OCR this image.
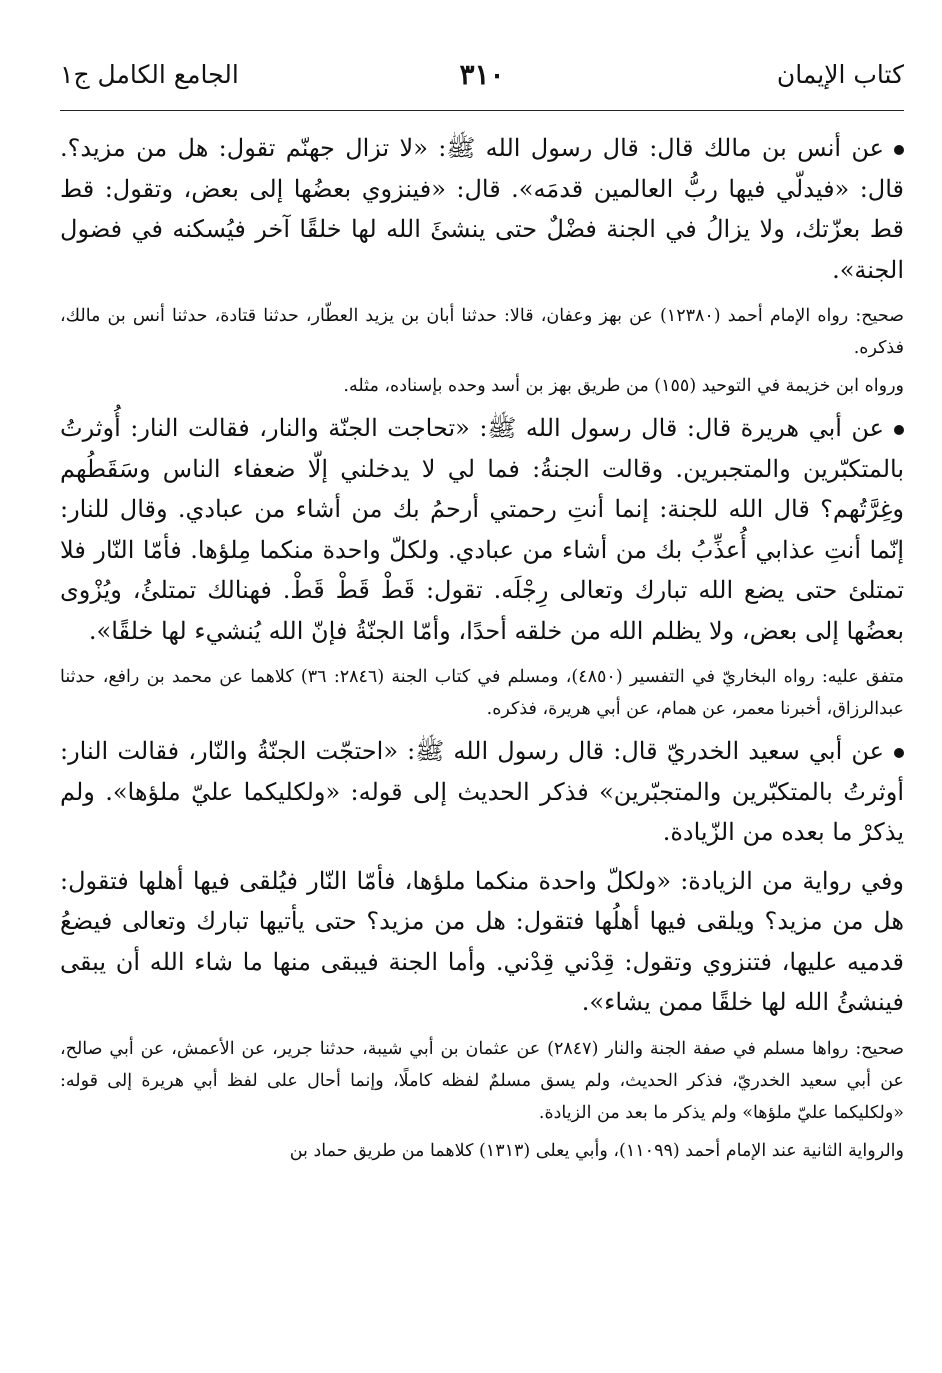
كتاب الإيمان
٣١٠
الجامع الكامل ج١

عن أنس بن مالك قال: قال رسول الله ﷺ: «لا تزال جهنّم تقول: هل من مزيد؟. قال: «فيدلّي فيها ربُّ العالمين قدمَه». قال: «فينزوي بعضُها إلى بعض، وتقول: قط قط بعزّتك، ولا يزالُ في الجنة فضْلٌ حتى ينشئَ الله لها خلقًا آخر فيُسكنه في فضول الجنة».

صحيح: رواه الإمام أحمد (١٢٣٨٠) عن بهز وعفان، قالا: حدثنا أبان بن يزيد العطّار، حدثنا قتادة، حدثنا أنس بن مالك، فذكره.

ورواه ابن خزيمة في التوحيد (١٥٥) من طريق بهز بن أسد وحده بإسناده، مثله.

عن أبي هريرة قال: قال رسول الله ﷺ: «تحاجت الجنّة والنار، فقالت النار: أُوثرتُ بالمتكبّرين والمتجبرين. وقالت الجنةُ: فما لي لا يدخلني إلّا ضعفاء الناس وسَقَطُهم وغِرَّتُهم؟ قال الله للجنة: إنما أنتِ رحمتي أرحمُ بك من أشاء من عبادي. وقال للنار: إنّما أنتِ عذابي أُعذِّبُ بك من أشاء من عبادي. ولكلّ واحدة منكما مِلؤها. فأمّا النّار فلا تمتلئ حتى يضع الله تبارك وتعالى رِجْلَه. تقول: قَطْ قَطْ قَطْ. فهنالك تمتلئُ، ويُزْوى بعضُها إلى بعض، ولا يظلم الله من خلقه أحدًا، وأمّا الجنّةُ فإنّ الله يُنشيء لها خلقًا».

متفق عليه: رواه البخاريّ في التفسير (٤٨٥٠)، ومسلم في كتاب الجنة (٢٨٤٦: ٣٦) كلاهما عن محمد بن رافع، حدثنا عبدالرزاق، أخبرنا معمر، عن همام، عن أبي هريرة، فذكره.

عن أبي سعيد الخدريّ قال: قال رسول الله ﷺ: «احتجّت الجنّةُ والنّار، فقالت النار: أوثرتُ بالمتكبّرين والمتجبّرين» فذكر الحديث إلى قوله: «ولكليكما عليّ ملؤها». ولم يذكرْ ما بعده من الزّيادة.

وفي رواية من الزيادة: «ولكلّ واحدة منكما ملؤها، فأمّا النّار فيُلقى فيها أهلها فتقول: هل من مزيد؟ ويلقى فيها أهلُها فتقول: هل من مزيد؟ حتى يأتيها تبارك وتعالى فيضعُ قدميه عليها، فتنزوي وتقول: قِدْني قِدْني. وأما الجنة فيبقى منها ما شاء الله أن يبقى فينشئُ الله لها خلقًا ممن يشاء».

صحيح: رواها مسلم في صفة الجنة والنار (٢٨٤٧) عن عثمان بن أبي شيبة، حدثنا جرير، عن الأعمش، عن أبي صالح، عن أبي سعيد الخدريّ، فذكر الحديث، ولم يسق مسلمٌ لفظه كاملًا، وإنما أحال على لفظ أبي هريرة إلى قوله: «ولكليكما عليّ ملؤها» ولم يذكر ما بعد من الزيادة.

والرواية الثانية عند الإمام أحمد (١١٠٩٩)، وأبي يعلى (١٣١٣) كلاهما من طريق حماد بن
